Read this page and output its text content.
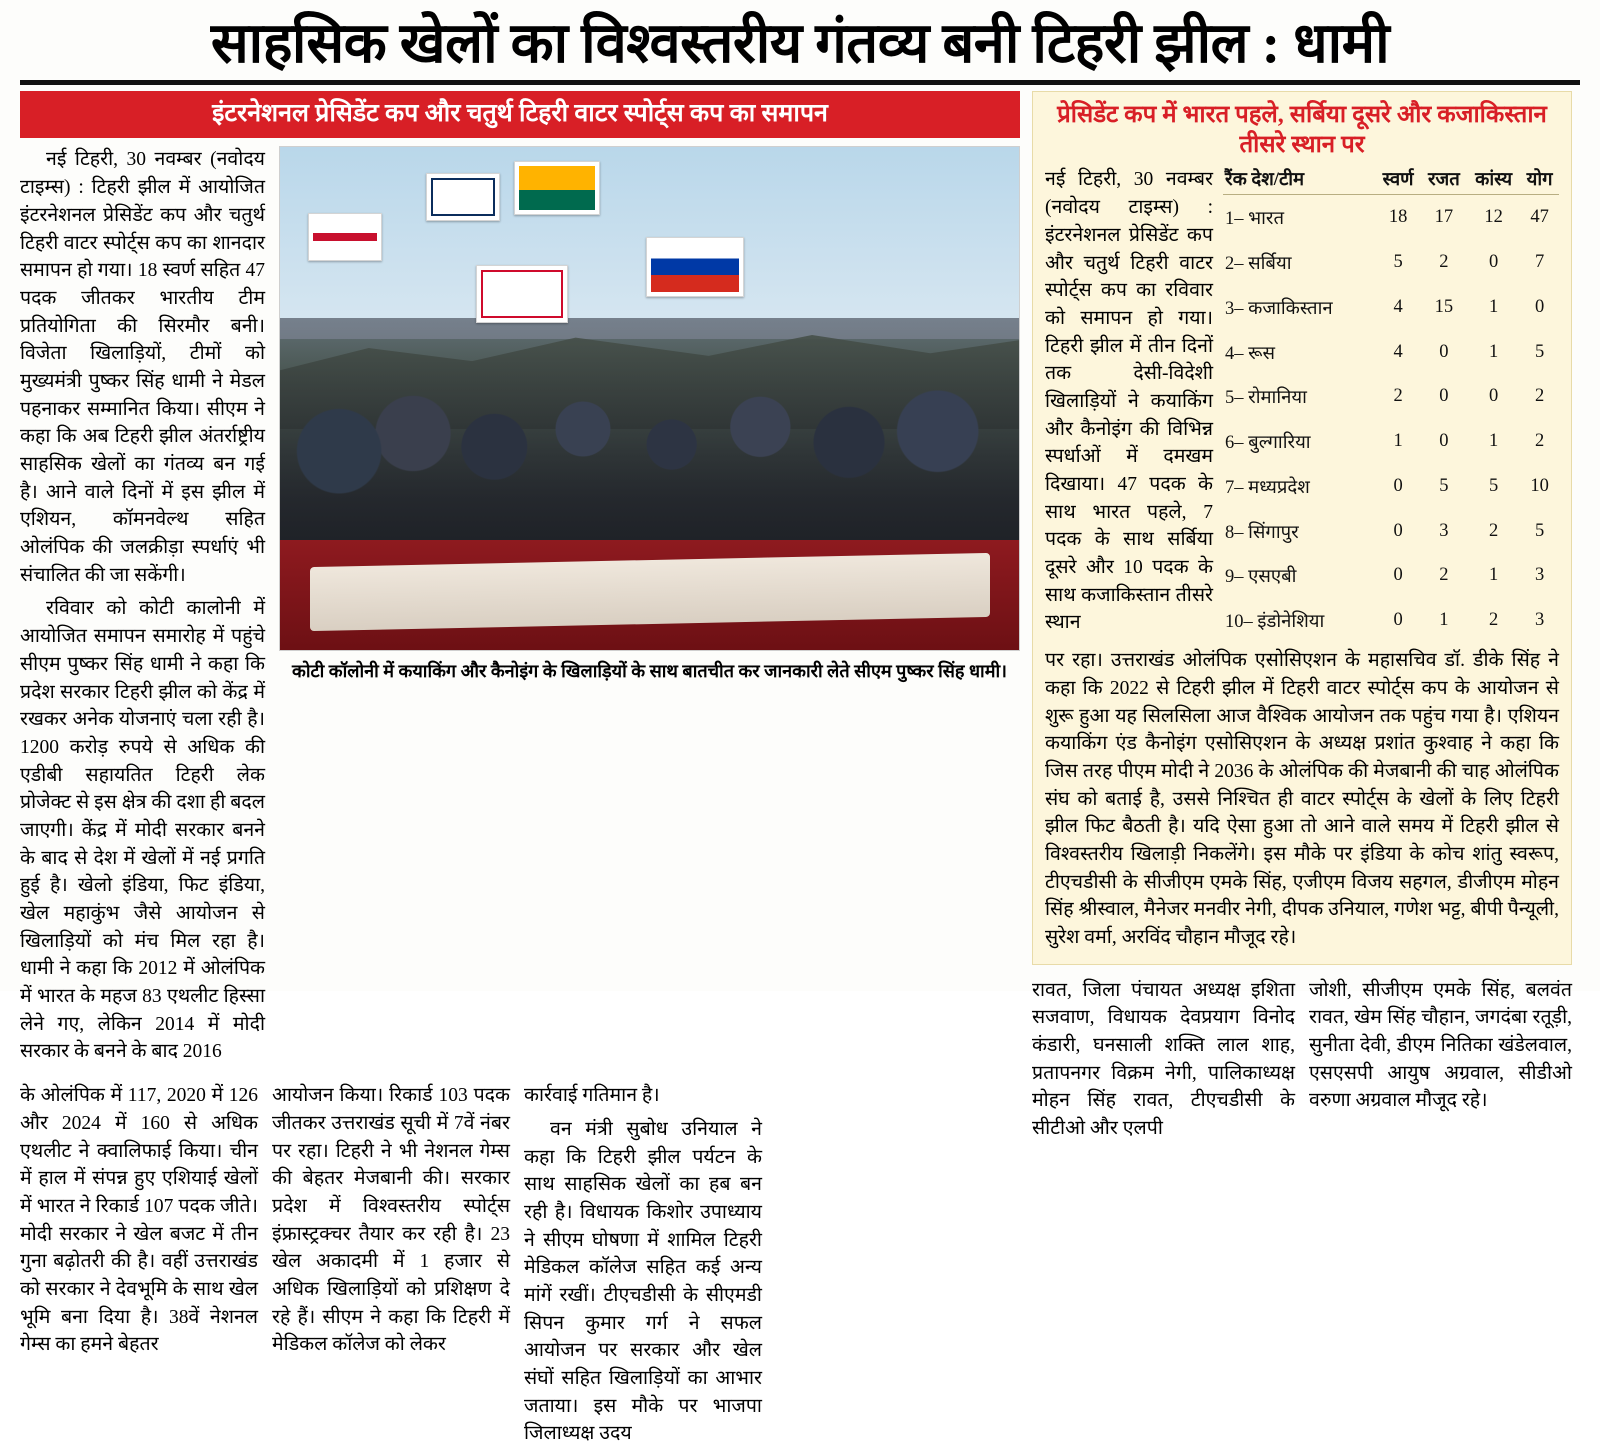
साहसिक खेलों का विश्वस्तरीय गंतव्य बनी टिहरी झील : धामी
इंटरनेशनल प्रेसिडेंट कप और चतुर्थ टिहरी वाटर स्पोर्ट्स कप का समापन

नई टिहरी, 30 नवम्बर (नवोदय टाइम्स) : टिहरी झील में आयोजित इंटरनेशनल प्रेसिडेंट कप और चतुर्थ टिहरी वाटर स्पोर्ट्स कप का शानदार समापन हो गया। 18 स्वर्ण सहित 47 पदक जीतकर भारतीय टीम प्रतियोगिता की सिरमौर बनी। विजेता खिलाड़ियों, टीमों को मुख्यमंत्री पुष्कर सिंह धामी ने मेडल पहनाकर सम्मानित किया। सीएम ने कहा कि अब टिहरी झील अंतर्राष्ट्रीय साहसिक खेलों का गंतव्य बन गई है। आने वाले दिनों में इस झील में एशियन, कॉमनवेल्थ सहित ओलंपिक की जलक्रीड़ा स्पर्धाएं भी संचालित की जा सकेंगी।

रविवार को कोटी कालोनी में आयोजित समापन समारोह में पहुंचे सीएम पुष्कर सिंह धामी ने कहा कि प्रदेश सरकार टिहरी झील को केंद्र में रखकर अनेक योजनाएं चला रही है। 1200 करोड़ रुपये से अधिक की एडीबी सहायतित टिहरी लेक प्रोजेक्ट से इस क्षेत्र की दशा ही बदल जाएगी। केंद्र में मोदी सरकार बनने के बाद से देश में खेलों में नई प्रगति हुई है। खेलो इंडिया, फिट इंडिया, खेल महाकुंभ जैसे आयोजन से खिलाड़ियों को मंच मिल रहा है। धामी ने कहा कि 2012 में ओलंपिक में भारत के महज 83 एथलीट हिस्सा लेने गए, लेकिन 2014 में मोदी सरकार के बनने के बाद 2016

कोटी कॉलोनी में कयाकिंग और कैनोइंग के खिलाड़ियों के साथ बातचीत कर जानकारी लेते सीएम पुष्कर सिंह धामी।

के ओलंपिक में 117, 2020 में 126 और 2024 में 160 से अधिक एथलीट ने क्वालिफाई किया। चीन में हाल में संपन्न हुए एशियाई खेलों में भारत ने रिकार्ड 107 पदक जीते। मोदी सरकार ने खेल बजट में तीन गुना बढ़ोतरी की है। वहीं उत्तराखंड को सरकार ने देवभूमि के साथ खेल भूमि बना दिया है। 38वें नेशनल गेम्स का हमने बेहतर

आयोजन किया। रिकार्ड 103 पदक जीतकर उत्तराखंड सूची में 7वें नंबर पर रहा। टिहरी ने भी नेशनल गेम्स की बेहतर मेजबानी की। सरकार प्रदेश में विश्वस्तरीय स्पोर्ट्स इंफ्रास्ट्रक्चर तैयार कर रही है। 23 खेल अकादमी में 1 हजार से अधिक खिलाड़ियों को प्रशिक्षण दे रहे हैं। सीएम ने कहा कि टिहरी में मेडिकल कॉलेज को लेकर

कार्रवाई गतिमान है।

वन मंत्री सुबोध उनियाल ने कहा कि टिहरी झील पर्यटन के साथ साहसिक खेलों का हब बन रही है। विधायक किशोर उपाध्याय ने सीएम घोषणा में शामिल टिहरी मेडिकल कॉलेज सहित कई अन्य मांगें रखीं। टीएचडीसी के सीएमडी सिपन कुमार गर्ग ने सफल आयोजन पर सरकार और खेल संघों सहित खिलाड़ियों का आभार जताया। इस मौके पर भाजपा जिलाध्यक्ष उदय

प्रेसिडेंट कप में भारत पहले, सर्बिया दूसरे और कजाकिस्तान तीसरे स्थान पर

नई टिहरी, 30 नवम्बर (नवोदय टाइम्स) : इंटरनेशनल प्रेसिडेंट कप और चतुर्थ टिहरी वाटर स्पोर्ट्स कप का रविवार को समापन हो गया। टिहरी झील में तीन दिनों तक देसी-विदेशी खिलाड़ियों ने कयाकिंग और कैनोइंग की विभिन्न स्पर्धाओं में दमखम दिखाया। 47 पदक के साथ भारत पहले, 7 पदक के साथ सर्बिया दूसरे और 10 पदक के साथ कजाकिस्तान तीसरे स्थान

रैंक देश/टीम	स्वर्ण	रजत	कांस्य	योग
1– भारत	18	17	12	47
2– सर्बिया	5	2	0	7
3– कजाकिस्तान	4	15	1	0
4– रूस	4	0	1	5
5– रोमानिया	2	0	0	2
6– बुल्गारिया	1	0	1	2
7– मध्यप्रदेश	0	5	5	10
8– सिंगापुर	0	3	2	5
9– एसएबी	0	2	1	3
10– इंडोनेशिया	0	1	2	3
पर रहा। उत्तराखंड ओलंपिक एसोसिएशन के महासचिव डॉ. डीके सिंह ने कहा कि 2022 से टिहरी झील में टिहरी वाटर स्पोर्ट्स कप के आयोजन से शुरू हुआ यह सिलसिला आज वैश्विक आयोजन तक पहुंच गया है। एशियन कयाकिंग एंड कैनोइंग एसोसिएशन के अध्यक्ष प्रशांत कुश्वाह ने कहा कि जिस तरह पीएम मोदी ने 2036 के ओलंपिक की मेजबानी की चाह ओलंपिक संघ को बताई है, उससे निश्चित ही वाटर स्पोर्ट्स के खेलों के लिए टिहरी झील फिट बैठती है। यदि ऐसा हुआ तो आने वाले समय में टिहरी झील से विश्वस्तरीय खिलाड़ी निकलेंगे। इस मौके पर इंडिया के कोच शांतु स्वरूप, टीएचडीसी के सीजीएम एमके सिंह, एजीएम विजय सहगल, डीजीएम मोहन सिंह श्रीस्वाल, मैनेजर मनवीर नेगी, दीपक उनियाल, गणेश भट्ट, बीपी पैन्यूली, सुरेश वर्मा, अरविंद चौहान मौजूद रहे।

रावत, जिला पंचायत अध्यक्ष इशिता सजवाण, विधायक देवप्रयाग विनोद कंडारी, घनसाली शक्ति लाल शाह, प्रतापनगर विक्रम नेगी, पालिकाध्यक्ष मोहन सिंह रावत, टीएचडीसी के सीटीओ और एलपी

जोशी, सीजीएम एमके सिंह, बलवंत रावत, खेम सिंह चौहान, जगदंबा रतूड़ी, सुनीता देवी, डीएम नितिका खंडेलवाल, एसएसपी आयुष अग्रवाल, सीडीओ वरुणा अग्रवाल मौजूद रहे।
